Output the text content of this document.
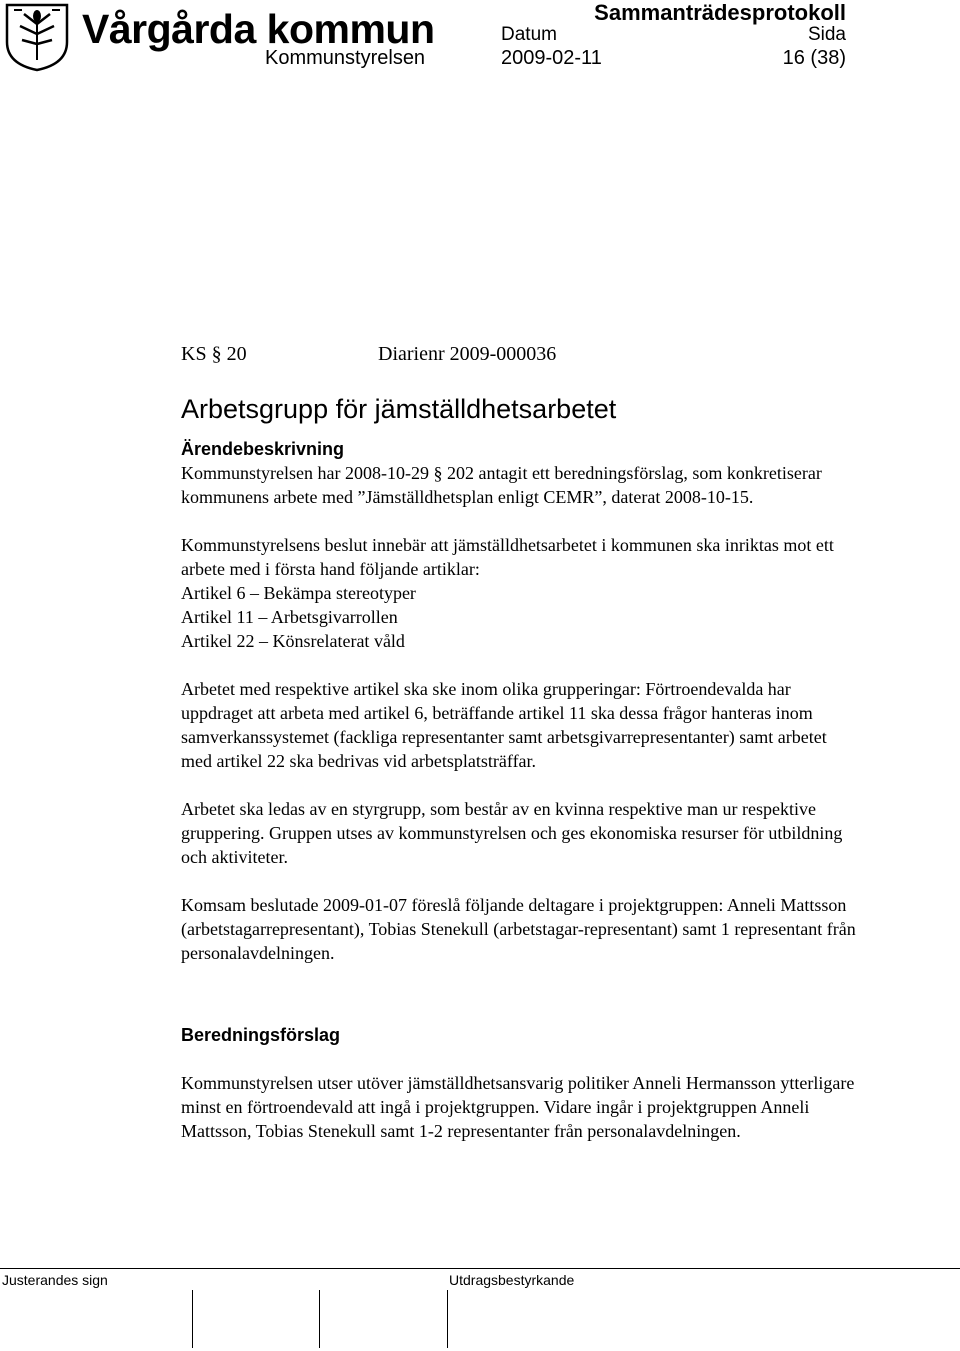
Vårgårda kommun
Kommunstyrelsen
Sammanträdesprotokoll
Datum	Sida
2009-02-11	16 (38)

KS § 20	Diarienr 2009-000036

Arbetsgrupp för jämställdhetsarbetet
Ärendebeskrivning

Kommunstyrelsen har 2008-10-29 § 202 antagit ett beredningsförslag, som konkretiserar kommunens arbete med ”Jämställdhetsplan enligt CEMR”, daterat 2008-10-15.

Kommunstyrelsens beslut innebär att jämställdhetsarbetet i kommunen ska inriktas mot ett arbete med i första hand följande artiklar:

Artikel 6 – Bekämpa stereotyper

Artikel 11 – Arbetsgivarrollen

Artikel 22 – Könsrelaterat våld

Arbetet med respektive artikel ska ske inom olika grupperingar: Förtroendevalda har uppdraget att arbeta med artikel 6, beträffande artikel 11 ska dessa frågor hanteras inom samverkanssystemet (fackliga representanter samt arbetsgivarrepresentanter) samt arbetet med artikel 22 ska bedrivas vid arbetsplatsträffar.

Arbetet ska ledas av en styrgrupp, som består av en kvinna respektive man ur respektive gruppering. Gruppen utses av kommunstyrelsen och ges ekonomiska resurser för utbildning och aktiviteter.

Komsam beslutade 2009-01-07 föreslå följande deltagare i projektgruppen: Anneli Mattsson (arbetstagarrepresentant), Tobias Stenekull (arbetstagar-representant) samt 1 representant från personalavdelningen.

Beredningsförslag

Kommunstyrelsen utser utöver jämställdhetsansvarig politiker Anneli Hermansson ytterligare minst en förtroendevald att ingå i projektgruppen. Vidare ingår i projektgruppen Anneli Mattsson, Tobias Stenekull samt 1-2 representanter från personalavdelningen.

Justerandes sign	Utdragsbestyrkande
